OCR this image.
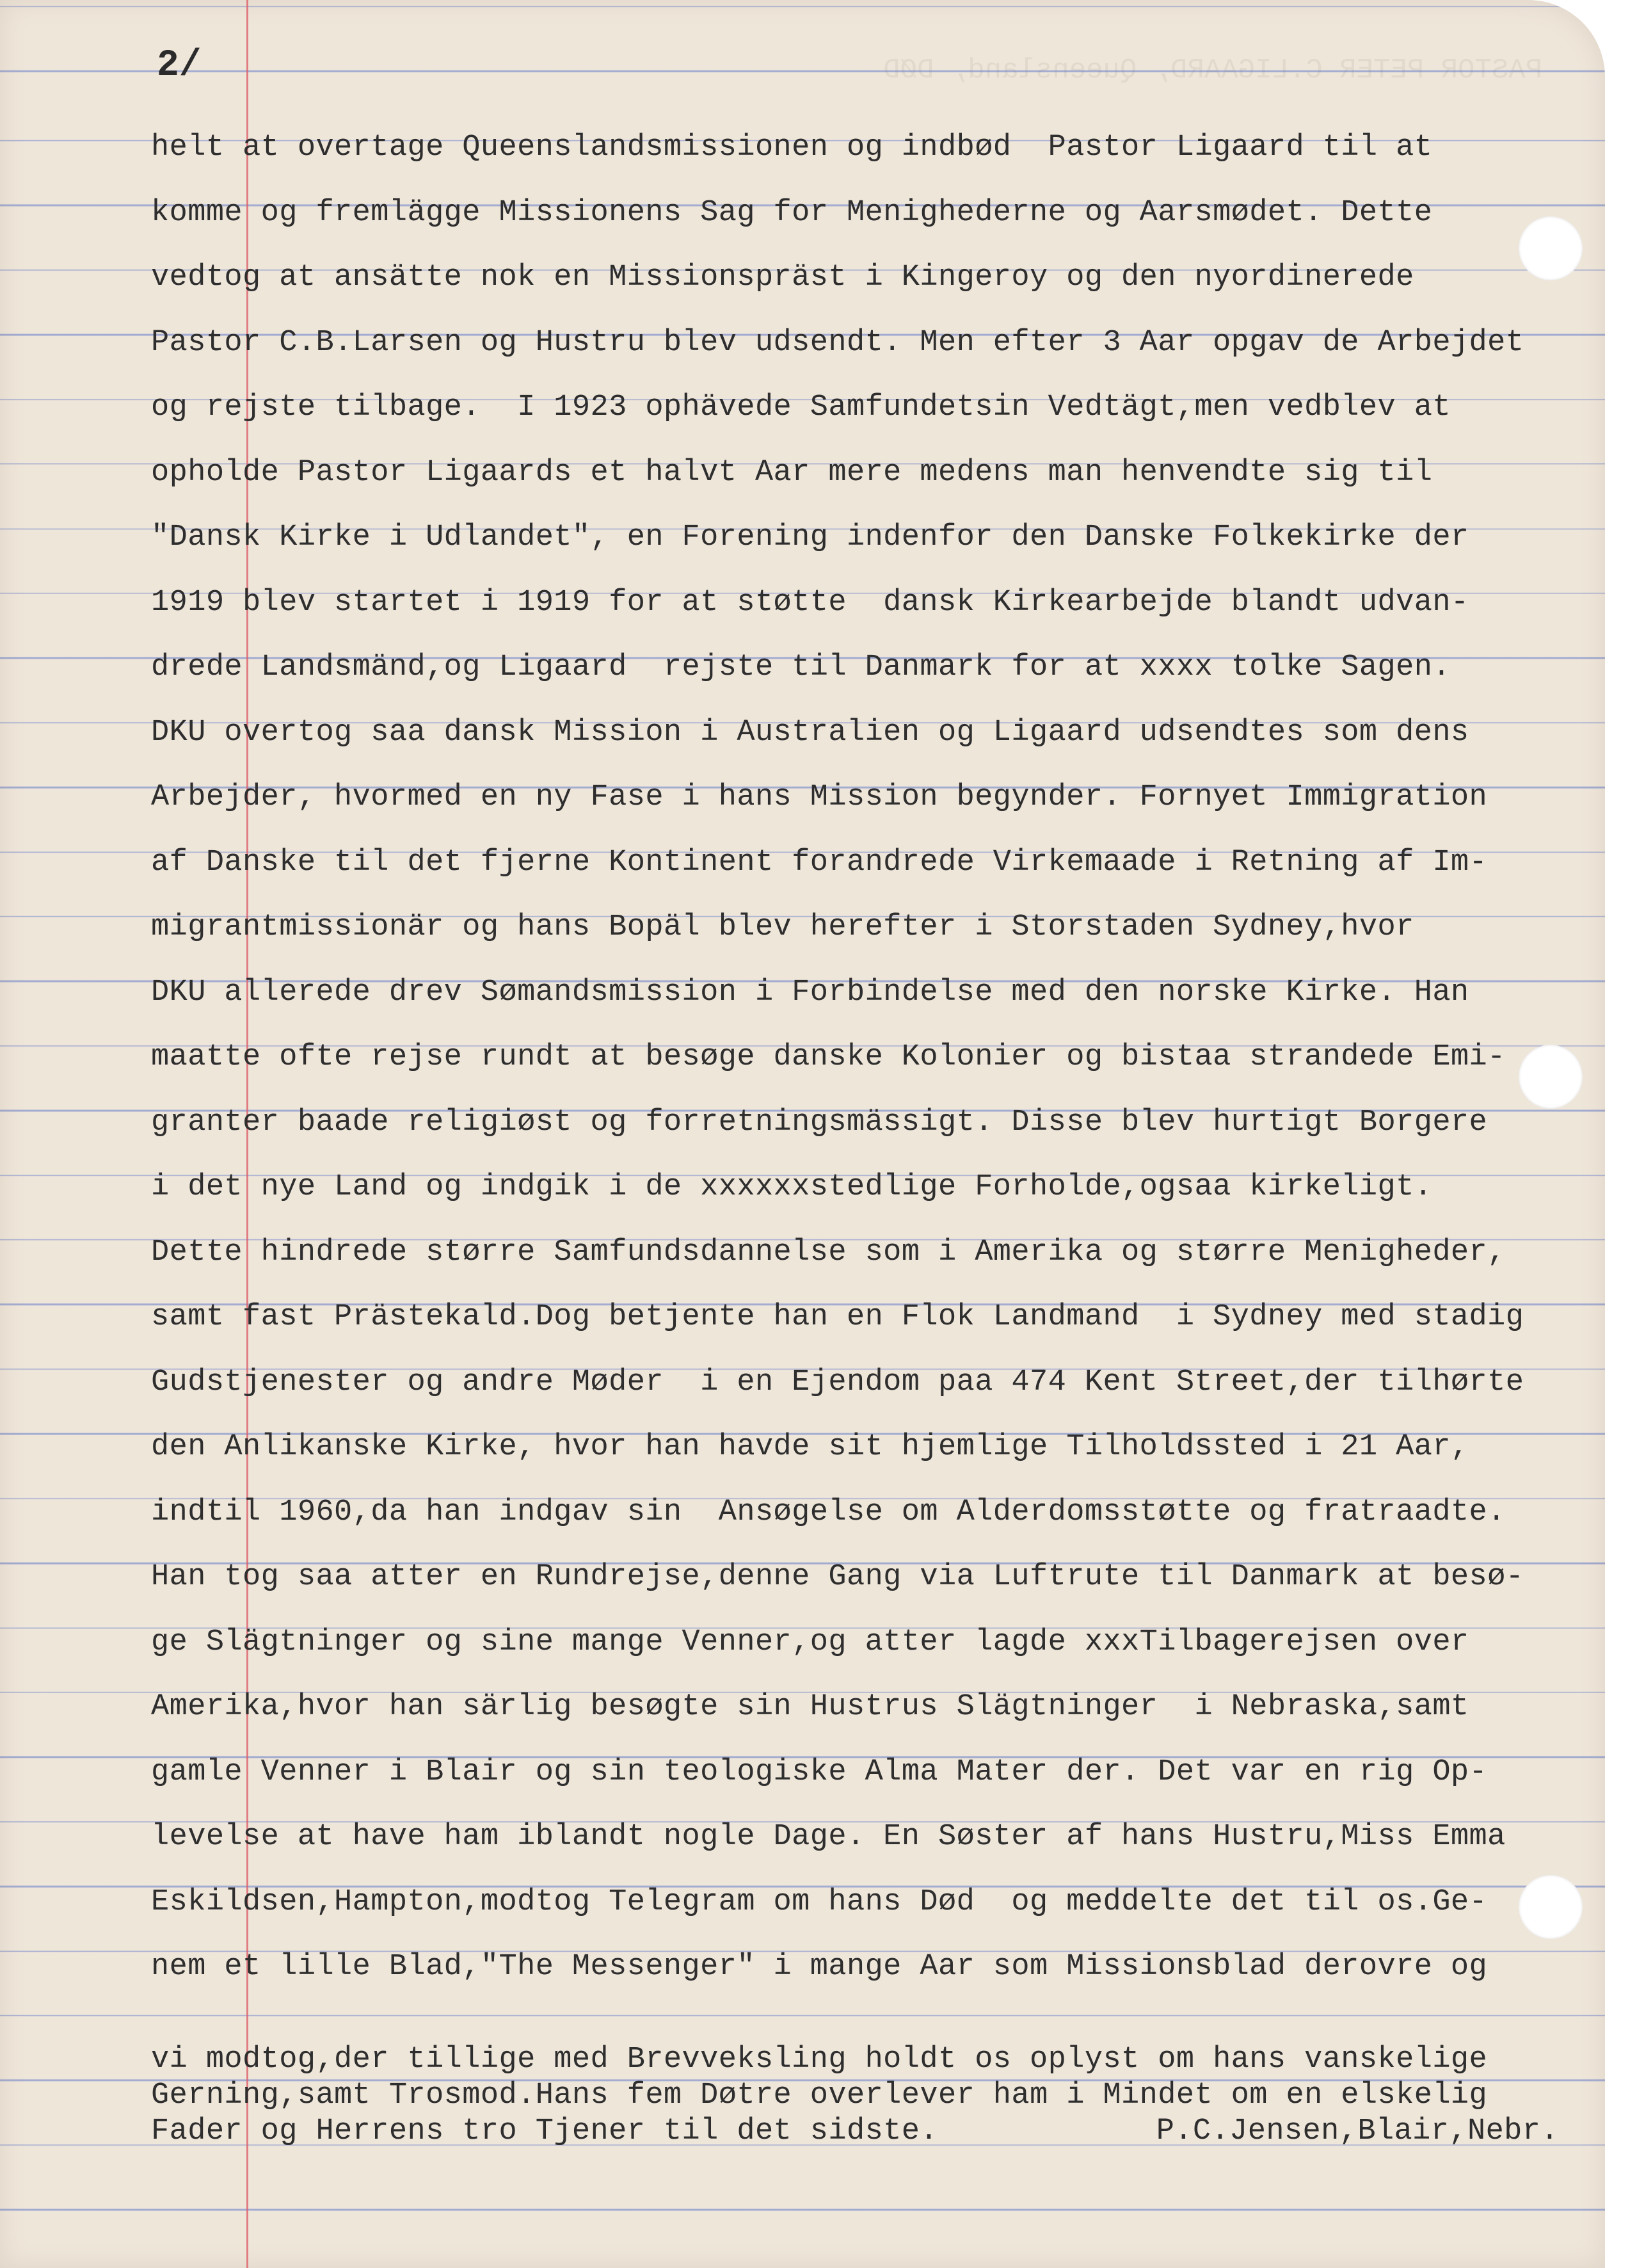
PASTOR PETER C.LIGAARD, Queensland, DØD
2/
helt at overtage Queenslandsmissionen og indbød  Pastor Ligaard til at
komme og fremlägge Missionens Sag for Menighederne og Aarsmødet. Dette
vedtog at ansätte nok en Missionspräst i Kingeroy og den nyordinerede
Pastor C.B.Larsen og Hustru blev udsendt. Men efter 3 Aar opgav de Arbejdet
og rejste tilbage.  I 1923 ophävede Samfundetsin Vedtägt,men vedblev at
opholde Pastor Ligaards et halvt Aar mere medens man henvendte sig til
"Dansk Kirke i Udlandet", en Forening indenfor den Danske Folkekirke der
1919 blev startet i 1919 for at støtte  dansk Kirkearbejde blandt udvan-
drede Landsmänd,og Ligaard  rejste til Danmark for at xxxx tolke Sagen.
DKU overtog saa dansk Mission i Australien og Ligaard udsendtes som dens
Arbejder, hvormed en ny Fase i hans Mission begynder. Fornyet Immigration
af Danske til det fjerne Kontinent forandrede Virkemaade i Retning af Im-
migrantmissionär og hans Bopäl blev herefter i Storstaden Sydney,hvor
DKU allerede drev Sømandsmission i Forbindelse med den norske Kirke. Han
maatte ofte rejse rundt at besøge danske Kolonier og bistaa strandede Emi-
granter baade religiøst og forretningsmässigt. Disse blev hurtigt Borgere
i det nye Land og indgik i de xxxxxxstedlige Forholde,ogsaa kirkeligt.
Dette hindrede større Samfundsdannelse som i Amerika og større Menigheder,
samt fast Prästekald.Dog betjente han en Flok Landmand  i Sydney med stadig
Gudstjenester og andre Møder  i en Ejendom paa 474 Kent Street,der tilhørte
den Anlikanske Kirke, hvor han havde sit hjemlige Tilholdssted i 21 Aar,
indtil 1960,da han indgav sin  Ansøgelse om Alderdomsstøtte og fratraadte.
Han tog saa atter en Rundrejse,denne Gang via Luftrute til Danmark at besø-
ge Slägtninger og sine mange Venner,og atter lagde xxxTilbagerejsen over
Amerika,hvor han särlig besøgte sin Hustrus Slägtninger  i Nebraska,samt
gamle Venner i Blair og sin teologiske Alma Mater der. Det var en rig Op-
levelse at have ham iblandt nogle Dage. En Søster af hans Hustru,Miss Emma
Eskildsen,Hampton,modtog Telegram om hans Død  og meddelte det til os.Ge-
nem et lille Blad,"The Messenger" i mange Aar som Missionsblad derovre og
vi modtog,der tillige med Brevveksling holdt os oplyst om hans vanskelige
Gerning,samt Trosmod.Hans fem Døtre overlever ham i Mindet om en elskelig
Fader og Herrens tro Tjener til det sidste.	P.C.Jensen,Blair,Nebr.
